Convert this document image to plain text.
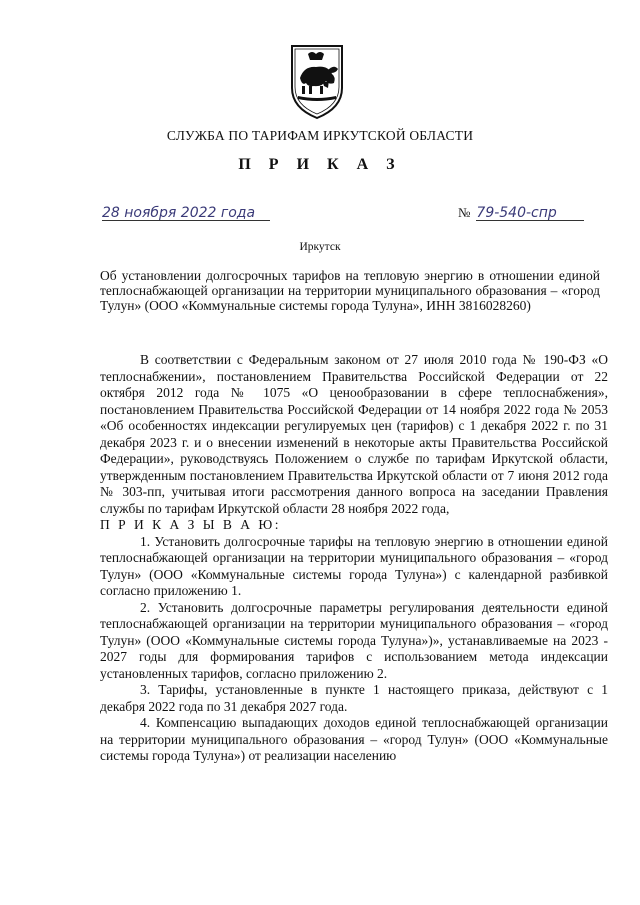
СЛУЖБА ПО ТАРИФАМ ИРКУТСКОЙ ОБЛАСТИ
П Р И К А З
28 ноября 2022 года	№ 79-540-спр
Иркутск
Об установлении долгосрочных тарифов на тепловую энергию в отношении единой теплоснабжающей организации на территории муниципального образования – «город Тулун» (ООО «Коммунальные системы города Тулуна», ИНН 3816028260)

В соответствии с Федеральным законом от 27 июля 2010 года № 190-ФЗ «О теплоснабжении», постановлением Правительства Российской Федерации от 22 октября 2012 года № 1075 «О ценообразовании в сфере теплоснабжения», постановлением Правительства Российской Федерации от 14 ноября 2022 года № 2053 «Об особенностях индексации регулируемых цен (тарифов) с 1 декабря 2022 г. по 31 декабря 2023 г. и о внесении изменений в некоторые акты Правительства Российской Федерации», руководствуясь Положением о службе по тарифам Иркутской области, утвержденным постановлением Правительства Иркутской области от 7 июня 2012 года № 303-пп, учитывая итоги рассмотрения данного вопроса на заседании Правления службы по тарифам Иркутской области 28 ноября 2022 года,

П Р И К А З Ы В А Ю:

1. Установить долгосрочные тарифы на тепловую энергию в отношении единой теплоснабжающей организации на территории муниципального образования – «город Тулун» (ООО «Коммунальные системы города Тулуна») с календарной разбивкой согласно приложению 1.

2. Установить долгосрочные параметры регулирования деятельности единой теплоснабжающей организации на территории муниципального образования – «город Тулун» (ООО «Коммунальные системы города Тулуна»)», устанавливаемые на 2023 - 2027 годы для формирования тарифов с использованием метода индексации установленных тарифов, согласно приложению 2.

3. Тарифы, установленные в пункте 1 настоящего приказа, действуют с 1 декабря 2022 года по 31 декабря 2027 года.

4. Компенсацию выпадающих доходов единой теплоснабжающей организации на территории муниципального образования – «город Тулун» (ООО «Коммунальные системы города Тулуна») от реализации населению
